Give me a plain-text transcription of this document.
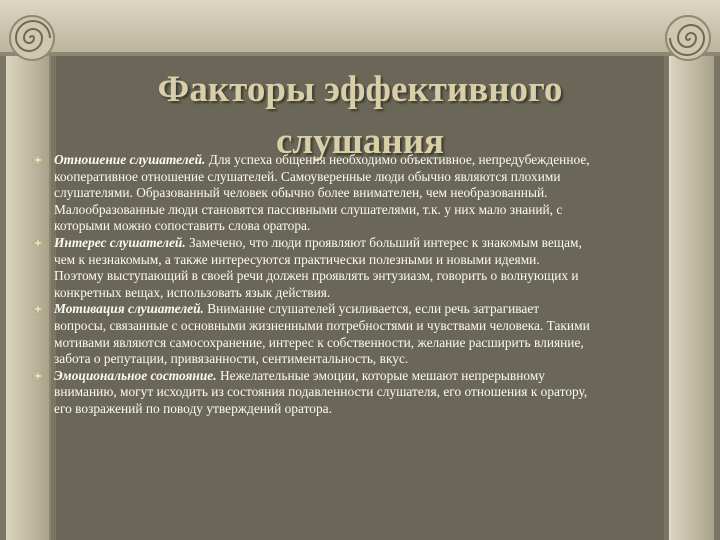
Факторы эффективного
слушания

Отношение слушателей. Для успеха общения необходимо объективное, непредубежденное, кооперативное отношение слушателей. Самоуверенные люди обычно являются плохими слушателями. Образованный человек обычно более внимателен, чем необразованный. Малообразованные люди становятся пассивными слушателями, т.к. у них мало знаний, с которыми можно сопоставить слова оратора.

Интерес слушателей. Замечено, что люди проявляют больший интерес к знакомым вещам, чем к незнакомым, а также интересуются практически полезными и новыми идеями. Поэтому выступающий в своей речи должен проявлять энтузиазм, говорить о волнующих и конкретных вещах, использовать язык действия.

Мотивация слушателей. Внимание слушателей усиливается, если речь затрагивает вопросы, связанные с основными жизненными потребностями и чувствами человека. Такими мотивами являются самосохранение, интерес к собственности, желание расширить влияние, забота о репутации, привязанности, сентиментальность, вкус.

Эмоциональное состояние. Нежелательные эмоции, которые мешают непрерывному вниманию, могут исходить из состояния подавленности слушателя, его отношения к оратору, его возражений по поводу утверждений оратора.
